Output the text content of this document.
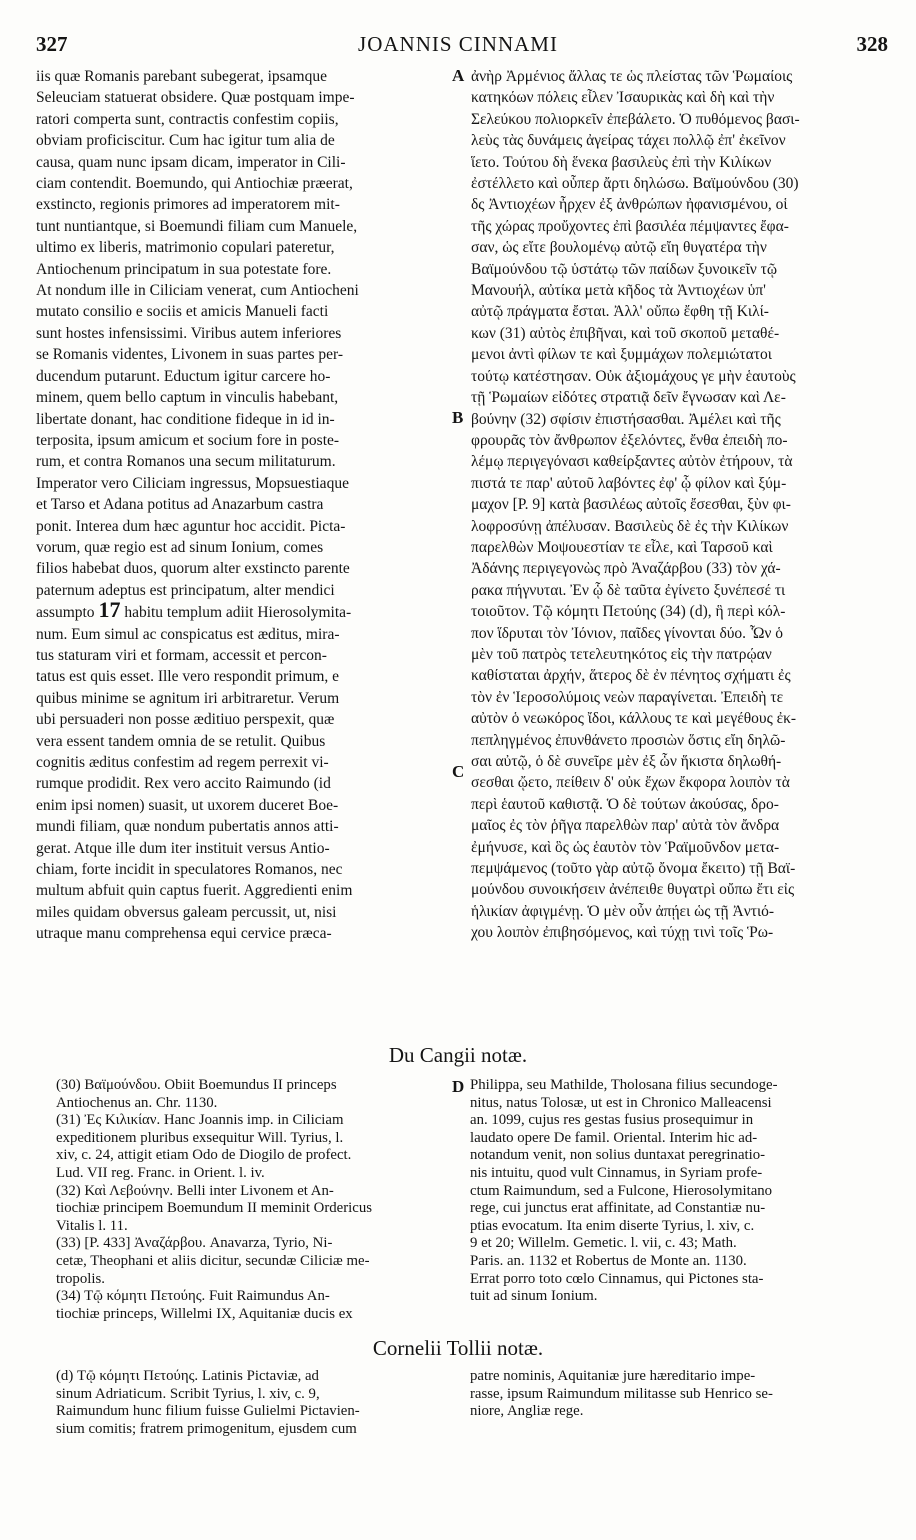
327	JOANNIS CINNAMI	328
iis quæ Romanis parebant subegerat, ipsamque
Seleuciam statuerat obsidere. Quæ postquam impe-
ratori comperta sunt, contractis confestim copiis,
obviam proficiscitur. Cum hac igitur tum alia de
causa, quam nunc ipsam dicam, imperator in Cili-
ciam contendit. Boemundo, qui Antiochiæ præerat,
exstincto, regionis primores ad imperatorem mit-
tunt nuntiantque, si Boemundi filiam cum Manuele,
ultimo ex liberis, matrimonio copulari pateretur,
Antiochenum principatum in sua potestate fore.
At nondum ille in Ciliciam venerat, cum Antiocheni
mutato consilio e sociis et amicis Manueli facti
sunt hostes infensissimi. Viribus autem inferiores
se Romanis videntes, Livonem in suas partes per-
ducendum putarunt. Eductum igitur carcere ho-
minem, quem bello captum in vinculis habebant,
libertate donant, hac conditione fideque in id in-
terposita, ipsum amicum et socium fore in poste-
rum, et contra Romanos una secum militaturum.
Imperator vero Ciliciam ingressus, Mopsuestiaque
et Tarso et Adana potitus ad Anazarbum castra
ponit. Interea dum hæc aguntur hoc accidit. Picta-
vorum, quæ regio est ad sinum Ionium, comes
filios habebat duos, quorum alter exstincto parente
paternum adeptus est principatum, alter mendici
assumpto 17 habitu templum adiit Hierosolymita-
num. Eum simul ac conspicatus est æditus, mira-
tus staturam viri et formam, accessit et percon-
tatus est quis esset. Ille vero respondit primum, e
quibus minime se agnitum iri arbitraretur. Verum
ubi persuaderi non posse æditiuo perspexit, quæ
vera essent tandem omnia de se retulit. Quibus
cognitis æditus confestim ad regem perrexit vi-
rumque prodidit. Rex vero accito Raimundo (id
enim ipsi nomen) suasit, ut uxorem duceret Boe-
mundi filiam, quæ nondum pubertatis annos atti-
gerat. Atque ille dum iter instituit versus Antio-
chiam, forte incidit in speculatores Romanos, nec
multum abfuit quin captus fuerit. Aggredienti enim
miles quidam obversus galeam percussit, ut, nisi
utraque manu comprehensa equi cervice præca-
ἀνὴρ Ἀρμένιος ἄλλας τε ὡς πλείστας τῶν Ῥωμαίοις
κατηκόων πόλεις εἶλεν Ἰσαυρικὰς καὶ δὴ καὶ τὴν
Σελεύκου πολιορκεῖν ἐπεβάλετο. Ὁ πυθόμενος βασι-
λεὺς τὰς δυνάμεις ἀγείρας τάχει πολλῷ ἐπ' ἐκεῖνον
ἵετο. Τούτου δὴ ἕνεκα βασιλεὺς ἐπὶ τὴν Κιλίκων
ἐστέλλετο καὶ οὗπερ ἄρτι δηλώσω. Βαϊμούνδου (30)
δς Ἀντιοχέων ἦρχεν ἐξ ἀνθρώπων ἠφανισμένου, οἱ
τῆς χώρας προὔχοντες ἐπὶ βασιλέα πέμψαντες ἔφα-
σαν, ὡς εἴτε βουλομένῳ αὐτῷ εἴη θυγατέρα τὴν
Βαϊμούνδου τῷ ὑστάτῳ τῶν παίδων ξυνοικεῖν τῷ
Μανουήλ, αὐτίκα μετὰ κῆδος τὰ Ἀντιοχέων ὑπ'
αὐτῷ πράγματα ἔσται. Ἀλλ' οὔπω ἔφθη τῇ Κιλί-
κων (31) αὐτὸς ἐπιβῆναι, καὶ τοῦ σκοποῦ μεταθέ-
μενοι ἀντὶ φίλων τε καὶ ξυμμάχων πολεμιώτατοι
τούτῳ κατέστησαν. Οὐκ ἀξιομάχους γε μὴν ἑαυτοὺς
τῇ Ῥωμαίων εἰδότες στρατιᾷ δεῖν ἔγνωσαν καὶ Λε-
βούνην (32) σφίσιν ἐπιστήσασθαι. Ἀμέλει καὶ τῆς
φρουρᾶς τὸν ἄνθρωπον ἐξελόντες, ἔνθα ἐπειδὴ πο-
λέμῳ περιγεγόνασι καθείρξαντες αὐτὸν ἐτήρουν, τὰ
πιστά τε παρ' αὐτοῦ λαβόντες ἐφ' ᾧ φίλον καὶ ξύμ-
μαχον [P. 9] κατὰ βασιλέως αὐτοῖς ἔσεσθαι, ξὺν φι-
λοφροσύνῃ ἀπέλυσαν. Βασιλεὺς δὲ ἐς τὴν Κιλίκων
παρελθὼν Μοψουεστίαν τε εἶλε, καὶ Ταρσοῦ καὶ
Ἀδάνης περιγεγονὼς πρὸ Ἀναζάρβου (33) τὸν χά-
ρακα πήγνυται. Ἐν ᾧ δὲ ταῦτα ἐγίνετο ξυνέπεσέ τι
τοιοῦτον. Τῷ κόμητι Πετούης (34) (d), ἣ περὶ κόλ-
πον ἵδρυται τὸν Ἰόνιον, παῖδες γίνονται δύο. Ὧν ὁ
μὲν τοῦ πατρὸς τετελευτηκότος εἰς τὴν πατρῴαν
καθίσταται ἀρχήν, ἅτερος δὲ ἐν πένητος σχήματι ἐς
τὸν ἐν Ἱεροσολύμοις νεὼν παραγίνεται. Ἐπειδὴ τε
αὐτὸν ὁ νεωκόρος ἴδοι, κάλλους τε καὶ μεγέθους ἐκ-
πεπληγμένος ἐπυνθάνετο προσιὼν ὅστις εἴη δηλῶ-
σαι αὐτῷ, ὁ δὲ συνεῖρε μὲν ἐξ ὧν ἥκιστα δηλωθή-
σεσθαι ᾤετο, πείθειν δ' οὐκ ἔχων ἔκφορα λοιπὸν τὰ
περὶ ἑαυτοῦ καθιστᾷ. Ὁ δὲ τούτων ἀκούσας, δρο-
μαῖος ἐς τὸν ῥῆγα παρελθὼν παρ' αὐτὰ τὸν ἄνδρα
ἐμήνυσε, καὶ ὃς ὡς ἑαυτὸν τὸν Ῥαϊμοῦνδον μετα-
πεμψάμενος (τοῦτο γὰρ αὐτῷ ὄνομα ἔκειτο) τῇ Βαϊ-
μούνδου συνοικήσειν ἀνέπειθε θυγατρὶ οὔπω ἔτι εἰς
ἡλικίαν ἀφιγμένῃ. Ὁ μὲν οὖν ἀπῄει ὡς τῇ Ἀντιό-
χου λοιπὸν ἐπιβησόμενος, καὶ τύχῃ τινὶ τοῖς Ῥω-
A
B
C
D
Du Cangii notæ.
(30) Βαϊμούνδου. Obiit Boemundus II princeps
Antiochenus an. Chr. 1130.
(31) Ἐς Κιλικίαν. Hanc Joannis imp. in Ciliciam
expeditionem pluribus exsequitur Will. Tyrius, l.
xiv, c. 24, attigit etiam Odo de Diogilo de profect.
Lud. VII reg. Franc. in Orient. l. iv.
(32) Καὶ Λεβούνην. Belli inter Livonem et An-
tiochiæ principem Boemundum II meminit Ordericus
Vitalis l. 11.
(33) [P. 433] Ἀναζάρβου. Anavarza, Tyrio, Ni-
cetæ, Theophani et aliis dicitur, secundæ Ciliciæ me-
tropolis.
(34) Τῷ κόμητι Πετούης. Fuit Raimundus An-
tiochiæ princeps, Willelmi IX, Aquitaniæ ducis ex
Philippa, seu Mathilde, Tholosana filius secundoge-
nitus, natus Tolosæ, ut est in Chronico Malleacensi
an. 1099, cujus res gestas fusius prosequimur in
laudato opere De famil. Oriental. Interim hic ad-
notandum venit, non solius duntaxat peregrinatio-
nis intuitu, quod vult Cinnamus, in Syriam profe-
ctum Raimundum, sed a Fulcone, Hierosolymitano
rege, cui junctus erat affinitate, ad Constantiæ nu-
ptias evocatum. Ita enim diserte Tyrius, l. xiv, c.
9 et 20; Willelm. Gemetic. l. vii, c. 43; Math.
Paris. an. 1132 et Robertus de Monte an. 1130.
Errat porro toto cœlo Cinnamus, qui Pictones sta-
tuit ad sinum Ionium.
Cornelii Tollii notæ.
(d) Τῷ κόμητι Πετούης. Latinis Pictaviæ, ad
sinum Adriaticum. Scribit Tyrius, l. xiv, c. 9,
Raimundum hunc filium fuisse Gulielmi Pictavien-
sium comitis; fratrem primogenitum, ejusdem cum
patre nominis, Aquitaniæ jure hæreditario impe-
rasse, ipsum Raimundum militasse sub Henrico se-
niore, Angliæ rege.
